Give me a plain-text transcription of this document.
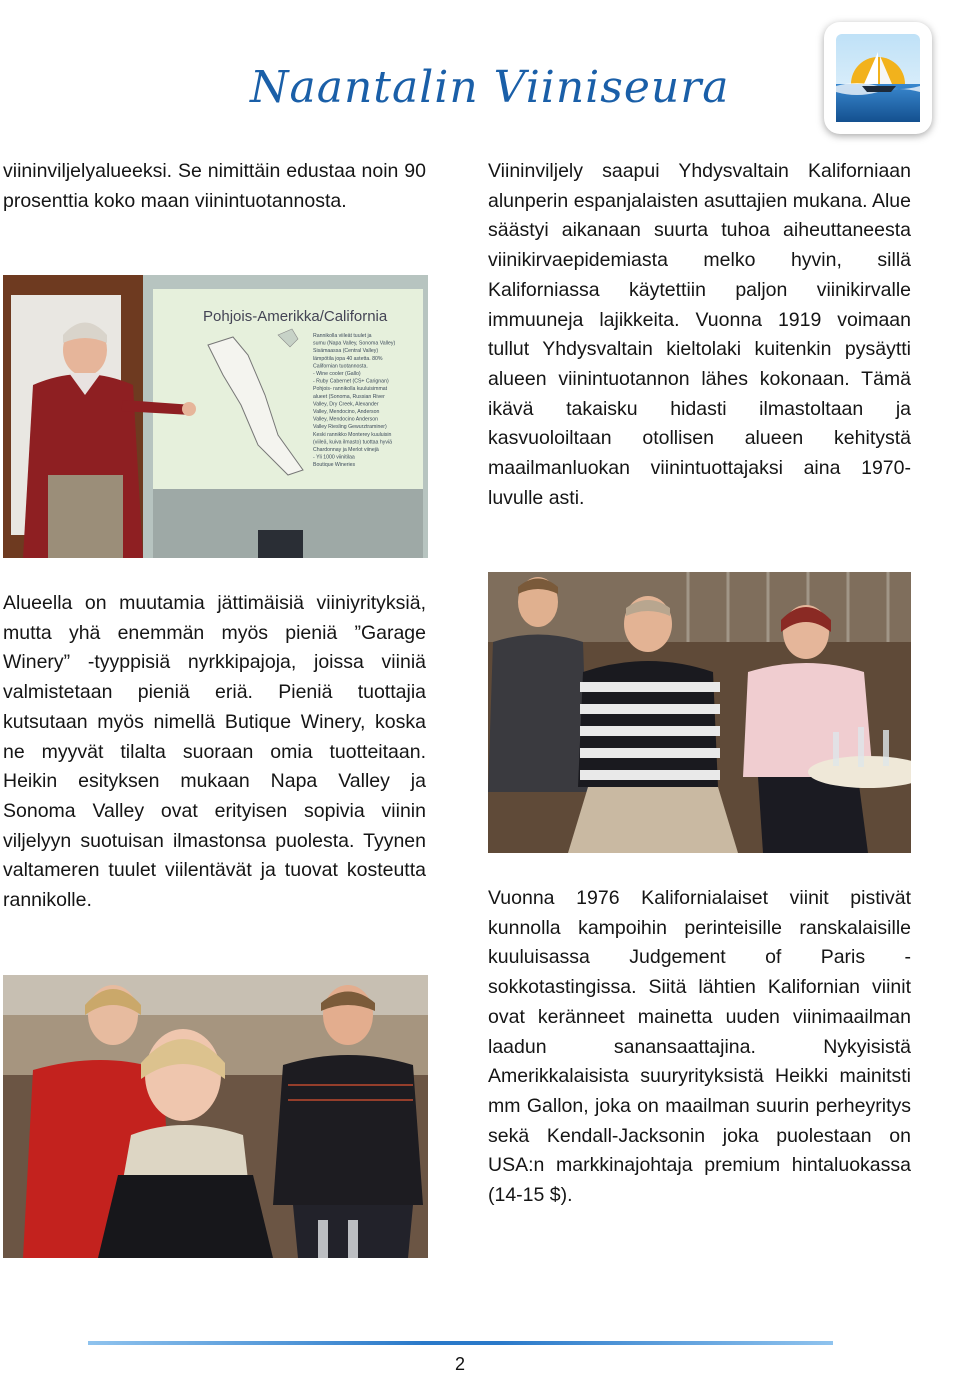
Naantalin Viiniseura
viininviljelyalueeksi. Se nimittäin edustaa noin 90 prosenttia koko maan viinintuotannosta.
Viininviljely saapui Yhdysvaltain Kaliforniaan alunperin espanjalaisten asuttajien mukana. Alue säästyi aikanaan suurta tuhoa aiheuttaneesta viinikirvaepidemiasta melko hyvin, sillä Kaliforniassa käytettiin paljon viinikirvalle immuuneja lajikkeita. Vuonna 1919 voimaan tullut Yhdysvaltain kieltolaki kuitenkin pysäytti alueen viinintuotannon lähes kokonaan. Tämä ikävä takaisku hidasti ilmastoltaan ja kasvuoloiltaan otollisen alueen kehitystä maailmanluokan viinintuottajaksi aina 1970-luvulle asti.
Pohjois-Amerikka/California
Rannikolla viileät tuulet ja
sumu (Napa Valley, Sonoma Valley)
Sisämaassa (Central Valley)
lämpötila jopa 40 astetta. 80%
Californian tuotannosta.
- Wine cooler (Gallo)
- Ruby Cabernet (CS+ Carignan)
Pohjois- rannikolla kuuluisimmat
alueet (Sonoma, Russian River
Valley, Dry Creek, Alexander
Valley, Mendocino, Anderson
Valley, Mendocino Anderson
Valley Riesling Gewurztraminer)
Keski rannikko Monterey kuuluisin
(viileä, kuiva ilmasto) tuottaa hyviä
Chardonnay ja Merlot viinejä
- Yli 1000 viinitilaa
Boutique Wineries
Alueella on muutamia jättimäisiä viiniyrityksiä, mutta yhä enemmän myös pieniä ”Garage Winery” -tyyppisiä nyrkkipajoja, joissa viiniä valmistetaan pieniä eriä. Pieniä tuottajia kutsutaan myös nimellä Butique Winery, koska ne myyvät tilalta suoraan omia tuotteitaan. Heikin esityksen mukaan Napa Valley ja Sonoma Valley ovat erityisen sopivia viinin viljelyyn suotuisan ilmastonsa puolesta. Tyynen valtameren tuulet viilentävät ja tuovat kosteutta rannikolle.	Vuonna 1976 Kalifornialaiset viinit pistivät kunnolla kampoihin perinteisille ranskalaisille kuuluisassa Judgement of Paris -sokkotastingissa. Siitä lähtien Kalifornian viinit ovat keränneet mainetta uuden viinimaailman laadun sanansaattajina. Nykyisistä Amerikkalaisista suuryrityksistä Heikki mainitsti mm Gallon, joka on maailman suurin perheyritys sekä Kendall-Jacksonin joka puolestaan on USA:n markkinajohtaja premium hintaluokassa (14-15 $).
2
